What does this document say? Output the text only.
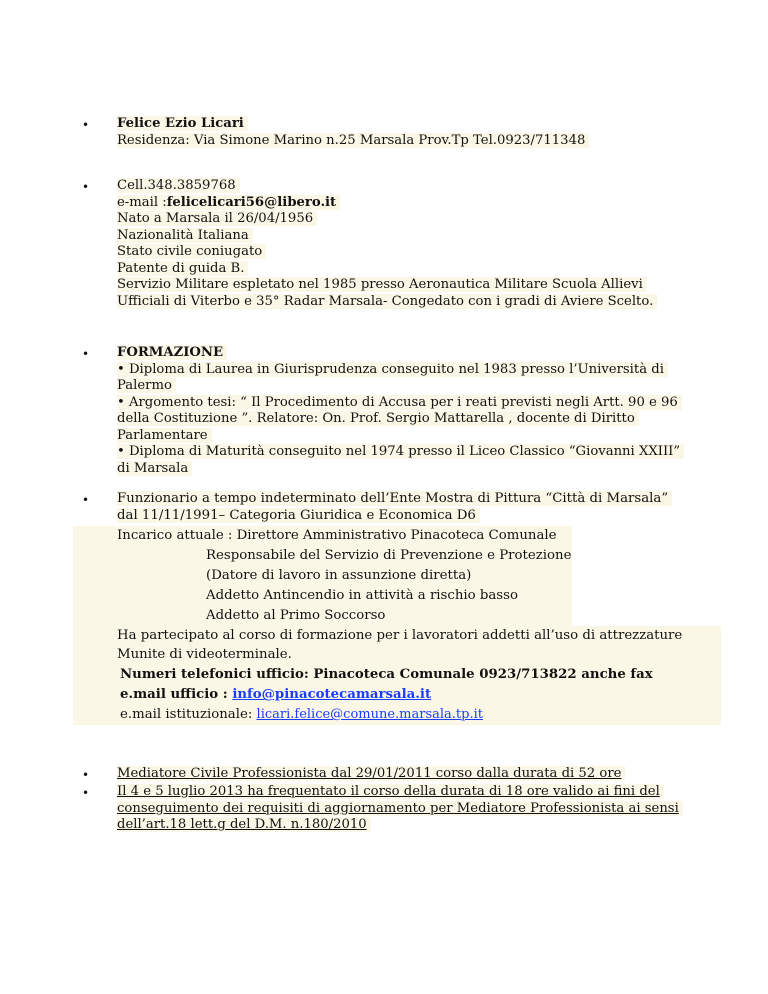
• Felice Ezio Licari
Residenza: Via Simone Marino n.25 Marsala Prov.Tp Tel.0923/711348
• Cell.348.3859768
e-mail :felicelicari56@libero.it
Nato a Marsala il 26/04/1956
Nazionalità Italiana
Stato civile coniugato
Patente di guida B.
Servizio Militare espletato nel 1985 presso Aeronautica Militare Scuola Allievi
Ufficiali di Viterbo e 35° Radar Marsala- Congedato con i gradi di Aviere Scelto.
• FORMAZIONE
• Diploma di Laurea in Giurisprudenza conseguito nel 1983 presso l’Università di
Palermo
• Argomento tesi: “ Il Procedimento di Accusa per i reati previsti negli Artt. 90 e 96
della Costituzione ”. Relatore: On. Prof. Sergio Mattarella , docente di Diritto
Parlamentare
• Diploma di Maturità conseguito nel 1974 presso il Liceo Classico “Giovanni XXIII”
di Marsala
• Funzionario a tempo indeterminato dell’Ente Mostra di Pittura “Città di Marsala”
dal 11/11/1991– Categoria Giuridica e Economica D6
Incarico attuale : Direttore Amministrativo Pinacoteca Comunale
Responsabile del Servizio di Prevenzione e Protezione
(Datore di lavoro in assunzione diretta)
Addetto Antincendio in attività a rischio basso
Addetto al Primo Soccorso
Ha partecipato al corso di formazione per i lavoratori addetti all’uso di attrezzature
Munite di videoterminale.
Numeri telefonici ufficio: Pinacoteca Comunale 0923/713822 anche fax
e.mail ufficio : info@pinacotecamarsala.it
e.mail istituzionale: licari.felice@comune.marsala.tp.it
• Mediatore Civile Professionista dal 29/01/2011 corso dalla durata di 52 ore
• Il 4 e 5 luglio 2013 ha frequentato il corso della durata di 18 ore valido ai fini del
conseguimento dei requisiti di aggiornamento per Mediatore Professionista ai sensi
dell’art.18 lett.g del D.M. n.180/2010
